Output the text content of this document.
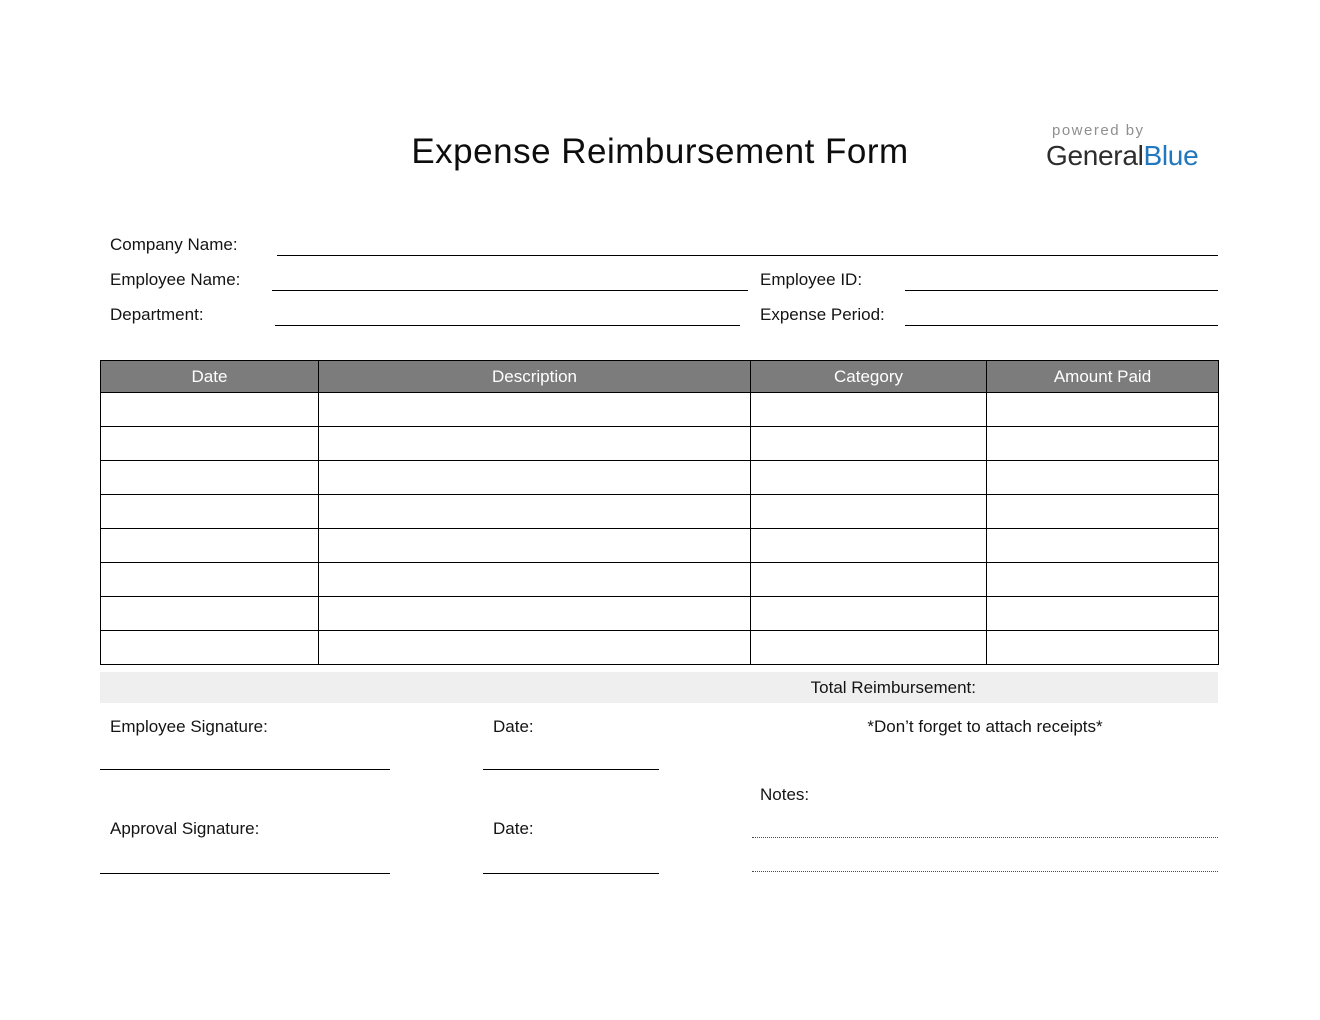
Expense Reimbursement Form
powered by
GeneralBlue
Company Name:
Employee Name:	Employee ID:
Department:	Expense Period:
Date	Description	Category	Amount Paid

Total Reimbursement:
Employee Signature:	Date:	*Don’t forget to attach receipts*
Notes:
Approval Signature:	Date:
